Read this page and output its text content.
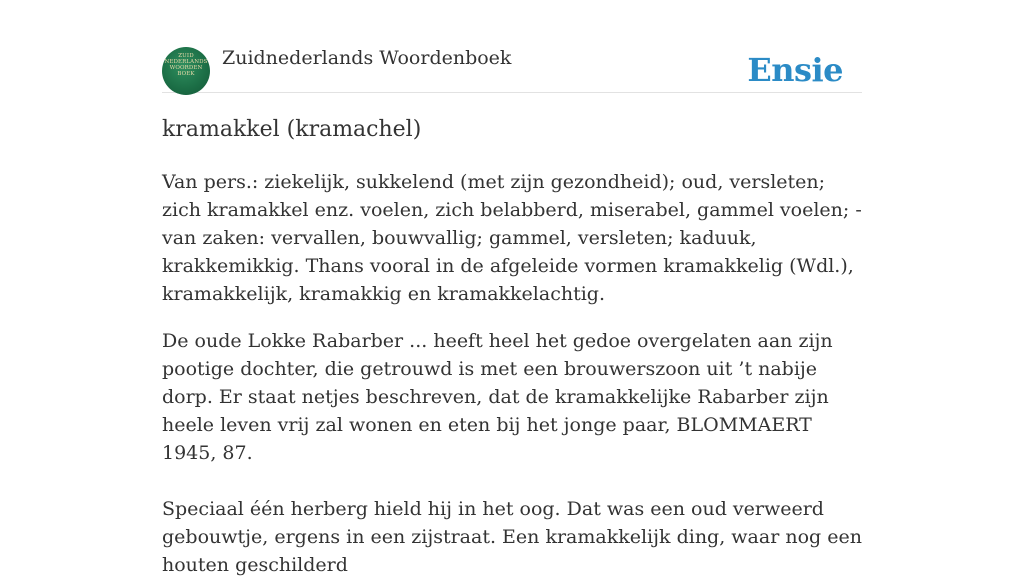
ZUID
NEDERLANDS
WOORDEN
BOEK
Zuidnederlands Woordenboek	Ensie
kramakkel (kramachel)

Van pers.: ziekelijk, sukkelend (met zijn gezondheid); oud, versleten; zich kramakkel enz. voelen, zich belabberd, miserabel, gammel voelen; - van zaken: vervallen, bouwvallig; gammel, versleten; kaduuk, krakkemikkig. Thans vooral in de afgeleide vormen kramakkelig (Wdl.), kramakkelijk, kramakkig en kramakkelachtig.

De oude Lokke Rabarber ... heeft heel het gedoe overgelaten aan zijn pootige dochter, die getrouwd is met een brouwerszoon uit ’t nabije dorp. Er staat netjes beschreven, dat de kramakkelijke Rabarber zijn heele leven vrij zal wonen en eten bij het jonge paar, BLOMMAERT 1945, 87.

Speciaal één herberg hield hij in het oog. Dat was een oud verweerd gebouwtje, ergens in een zijstraat. Een kramakkelijk ding, waar nog een houten geschilderd
